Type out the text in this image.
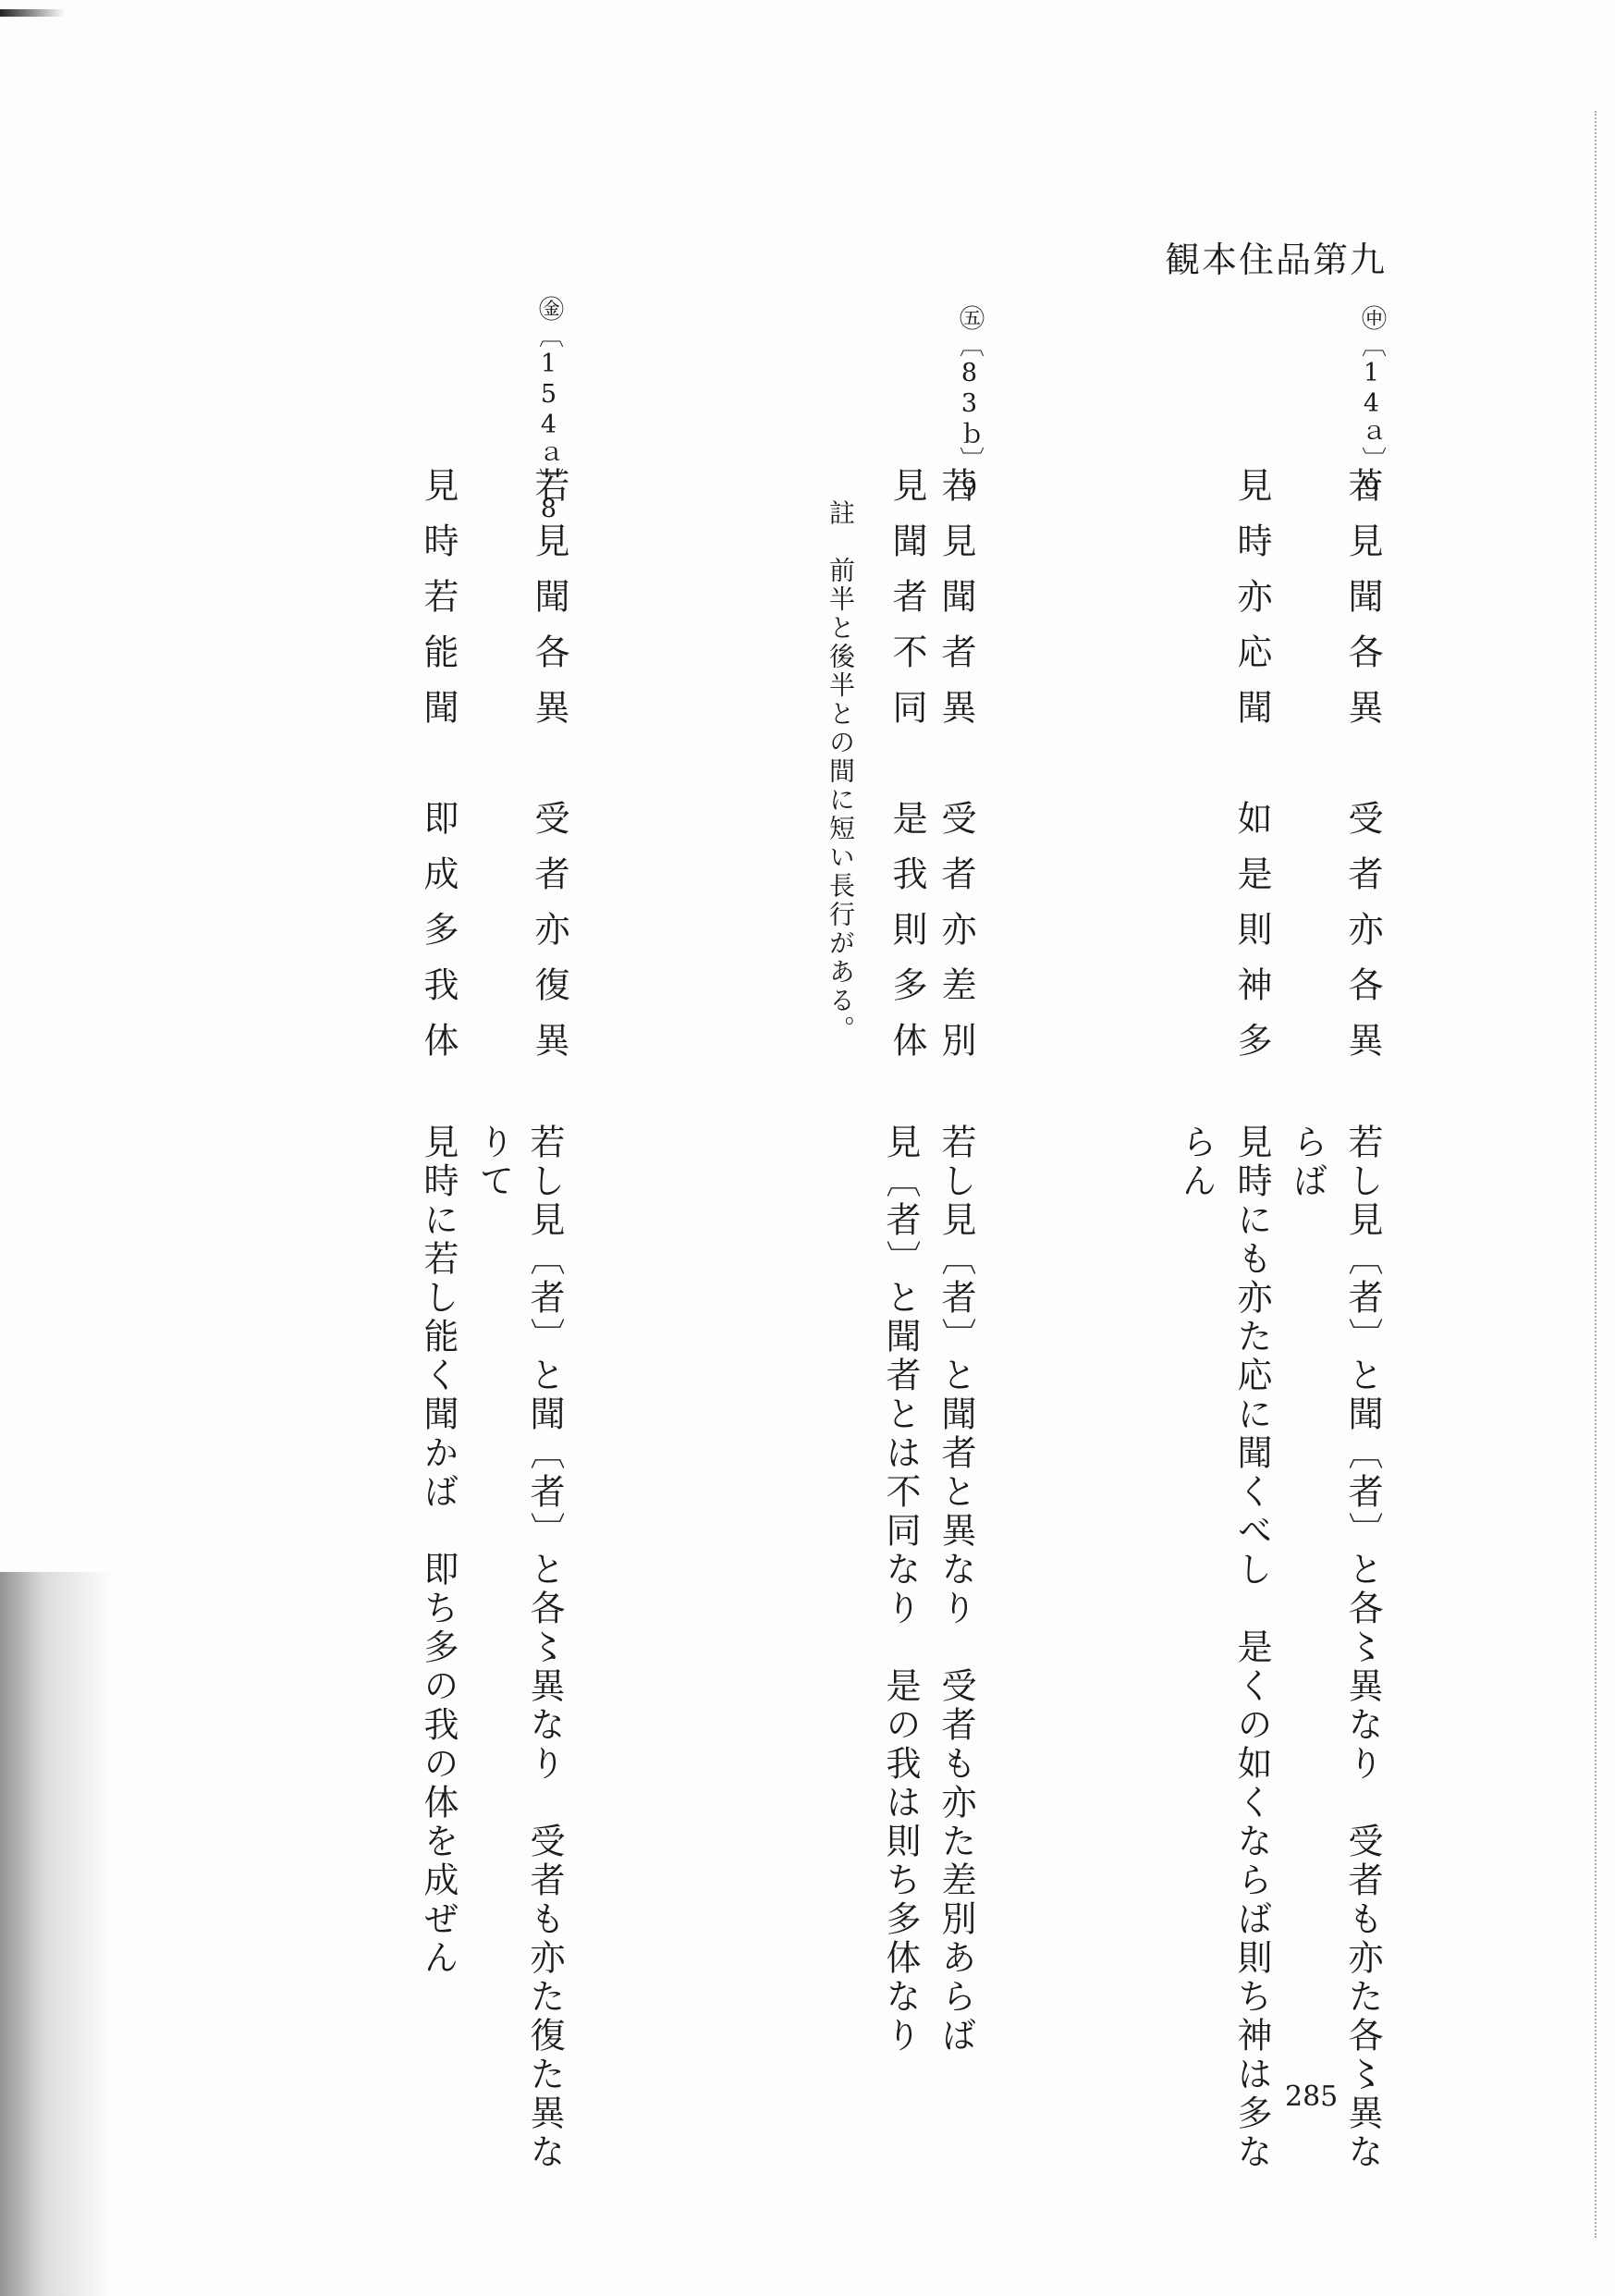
観本住品第九
㊥〔14ａ〕9
若見聞各異　受者亦各異
見時亦応聞　如是則神多
若し見〔者〕と聞〔者〕と各〻異なり　受者も亦た各〻異な
らば
見時にも亦た応に聞くべし　是くの如くならば則ち神は多な
らん
㊄〔83ｂ〕9
若見聞者異　受者亦差別
見聞者不同　是我則多体
註　前半と後半との間に短い長行がある。
若し見〔者〕と聞者と異なり　受者も亦た差別あらば
見〔者〕と聞者とは不同なり　是の我は則ち多体なり
㊎〔154ａ〕8
若見聞各異　受者亦復異
見時若能聞　即成多我体
若し見〔者〕と聞〔者〕と各〻異なり　受者も亦た復た異な
りて
見時に若し能く聞かば　即ち多の我の体を成ぜん
285
